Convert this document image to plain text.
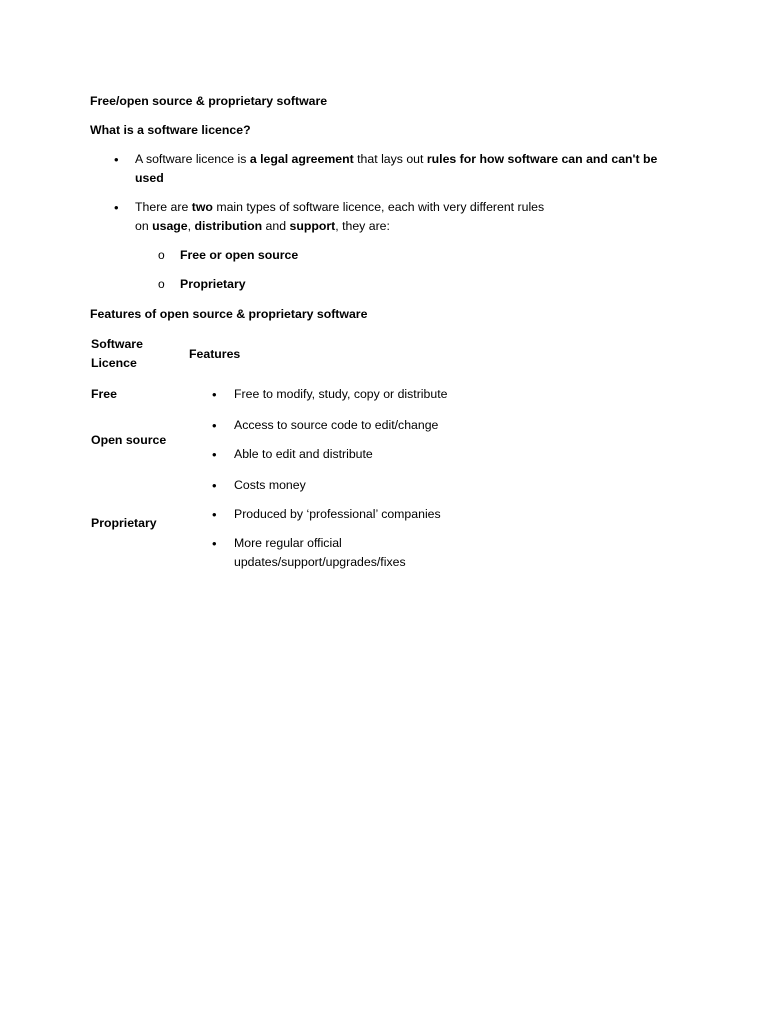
Free/open source & proprietary software

What is a software licence?

• A software licence is a legal agreement that lays out rules for how software can and can't be

used

• There are two main types of software licence, each with very different rules

on usage, distribution and support, they are:

o Free or open source

o Proprietary

Features of open source & proprietary software

Software
Licence

Features

Free

Open source

Proprietary

• Free to modify, study, copy or distribute

• Access to source code to edit/change

• Able to edit and distribute

• Costs money

• Produced by ‘professional’ companies

• More regular official
updates/support/upgrades/fixes
